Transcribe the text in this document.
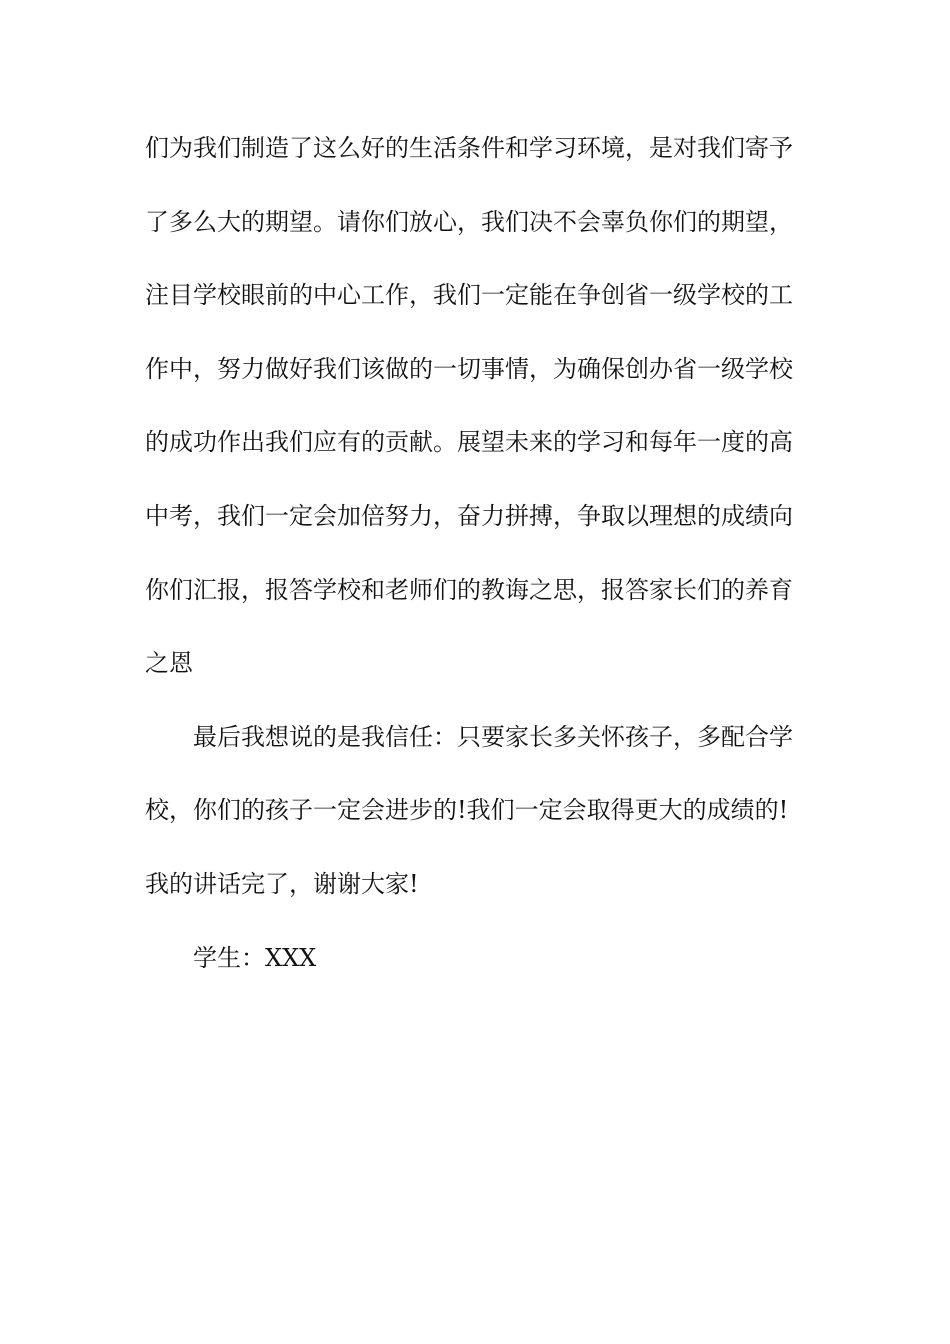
们为我们制造了这么好的生活条件和学习环境，是对我们寄予
了多么大的期望。请你们放心，我们决不会辜负你们的期望，
注目学校眼前的中心工作，我们一定能在争创省一级学校的工
作中，努力做好我们该做的一切事情，为确保创办省一级学校
的成功作出我们应有的贡献。展望未来的学习和每年一度的高
中考，我们一定会加倍努力，奋力拼搏，争取以理想的成绩向
你们汇报，报答学校和老师们的教诲之思，报答家长们的养育
之恩
最后我想说的是我信任：只要家长多关怀孩子，多配合学
校，你们的孩子一定会进步的!我们一定会取得更大的成绩的!
我的讲话完了，谢谢大家!
学生：XXX
